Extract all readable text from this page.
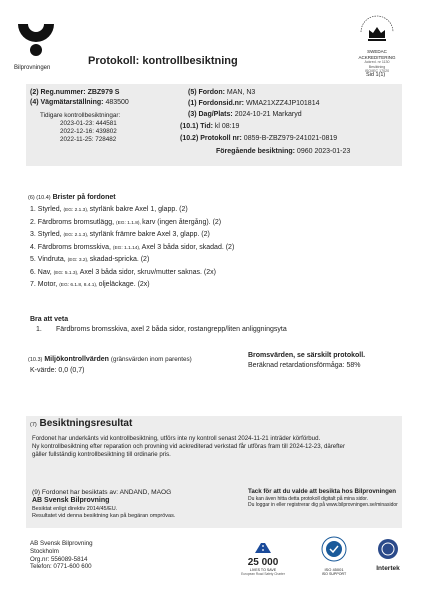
Bilprovningen
Protokoll: kontrollbesiktning
SWEDAC ACKREDITERING
Ackred. nr 1130
Besiktning
ISO/IEC 17020
Sid 1(1)
(2) Reg.nummer: ZBZ979 S
(4) Vägmätarställning: 483500
Tidigare kontrollbesiktningar:
2023-01-23: 444581
2022-12-16: 439802
2022-11-25: 728482
(5) Fordon: MAN, N3
(1) Fordonsid.nr: WMA21XZZ4JP101814
(3) Dag/Plats: 2024-10-21 Markaryd
(10.1) Tid: kl 08:19
(10.2) Protokoll nr: 0859-B-ZBZ979-241021-0819
Föregående besiktning: 0960 2023-01-23
(6) (10.4) Brister på fordonet
1. Styrled, (EG: 2.1.3), styrlänk bakre Axel 1, glapp. (2)
2. Färdbroms bromsutlägg, (EG: 1.1.8), karv (ingen återgång). (2)
3. Styrled, (EG: 2.1.3), styrlänk främre bakre Axel 3, glapp. (2)
4. Färdbroms bromsskiva, (EG: 1.1.14), Axel 3 båda sidor, skadad. (2)
5. Vindruta, (EG: 3.2), skadad-spricka. (2)
6. Nav, (EG: 5.1.3), Axel 3 båda sidor, skruv/mutter saknas. (2x)
7. Motor, (EG: 6.1.8, 8.4.1), oljeläckage. (2x)
Bra att veta
1. Färdbroms bromsskiva, axel 2 båda sidor, rostangrepp/liten anliggningsyta
(10.3) Miljökontrollvärden (gränsvärden inom parentes)
K-värde: 0,0 (0,7)
Bromsvärden, se särskilt protokoll.
Beräknad retardationsförmåga: 58%
(7) Besiktningsresultat
Fordonet har underkänts vid kontrollbesiktning, utförs inte ny kontroll senast 2024-11-21 inträder körförbud.
Ny kontrollbesiktning efter reparation och provning vid ackrediterad verkstad får utföras fram till 2024-12-23, därefter
gäller fullständig kontrollbesiktning till ordinarie pris.
(9) Fordonet har besiktats av: ANDAND, MAOG
AB Svensk Bilprovning
Besiktat enligt direktiv 2014/45/EU.
Resultatet vid denna besiktning kan på begäran omprövas.
Tack för att du valde att besikta hos Bilprovningen
Du kan även hitta detta protokoll digitalt på mina sidor.
Du loggar in eller registrerar dig på www.bilprovningen.se/minasidor
AB Svensk Bilprovning
Stockholm
Org.nr: 556089-5814
Telefon: 0771-600 600	25 000
LIVES TO SAVE
European Road Safety Charter
ISO 45001
ISO SUPPORT
Intertek
